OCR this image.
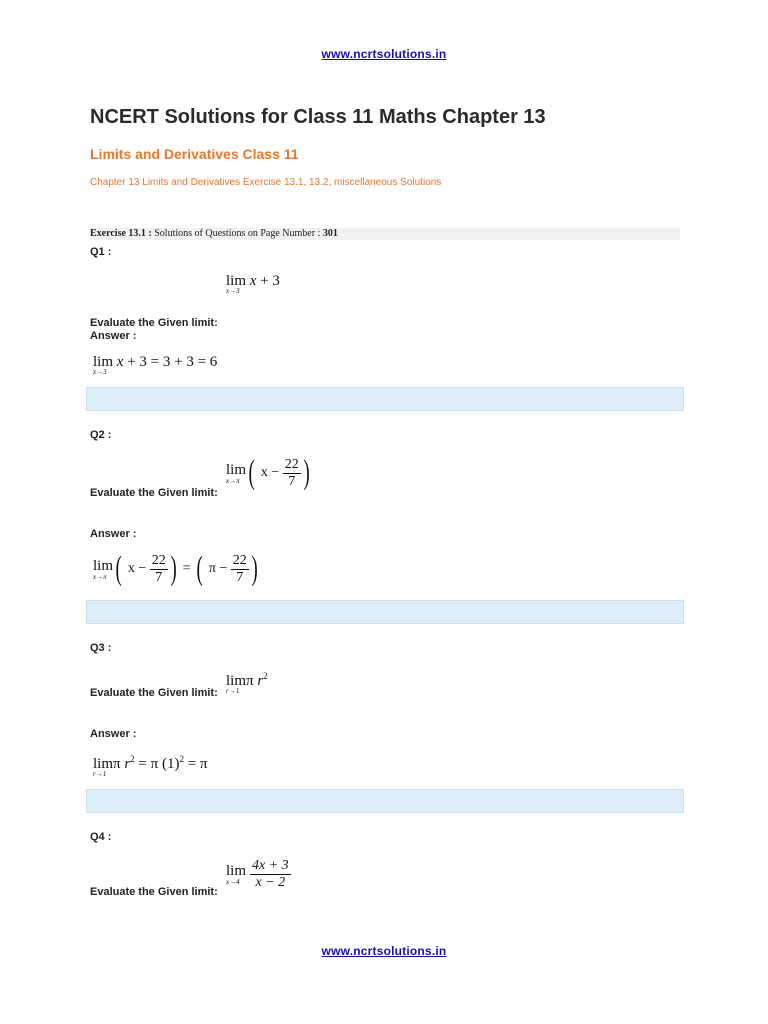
www.ncrtsolutions.in
NCERT Solutions for Class 11 Maths Chapter 13
Limits and Derivatives Class 11
Chapter 13 Limits and Derivatives Exercise 13.1, 13.2, miscellaneous Solutions
Exercise 13.1 : Solutions of Questions on Page Number : 301
Q1 :
lim x + 3
x→3
Evaluate the Given limit:
Answer :
lim x + 3 = 3 + 3 = 6
x→3
Q2 :
lim
x→π ( $x - \frac{22}{7}$ )
Evaluate the Given limit:
Answer :
lim
x→π ( $x - \frac{22}{7}$ ) = ( $\pi - \frac{22}{7}$ )
Q3 :
limπ $r^2$
r→1
Evaluate the Given limit:
Answer :
limπ $r^2 = \pi$ $(1)^2 = \pi$
r→1
Q4 :
lim
$x\to 4 \frac{4x + 3}{x - 2}$
Evaluate the Given limit:
www.ncrtsolutions.in
